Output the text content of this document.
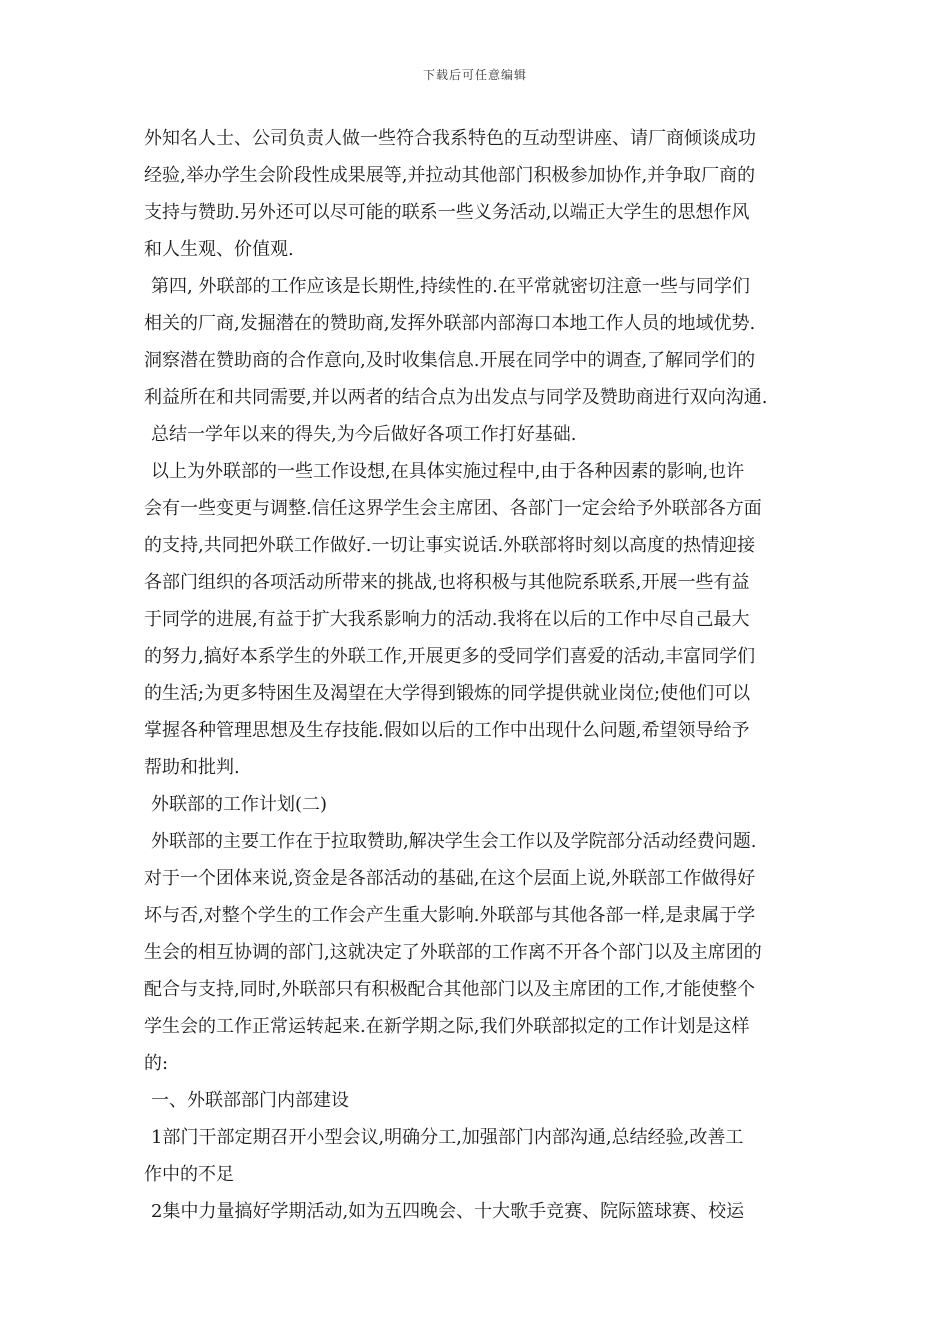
下载后可任意编辑
外知名人士、公司负责人做一些符合我系特色的互动型讲座、请厂商倾谈成功
经验,举办学生会阶段性成果展等,并拉动其他部门积极参加协作,并争取厂商的
支持与赞助.另外还可以尽可能的联系一些义务活动,以端正大学生的思想作风
和人生观、价值观.
第四, 外联部的工作应该是长期性,持续性的.在平常就密切注意一些与同学们
相关的厂商,发掘潜在的赞助商,发挥外联部内部海口本地工作人员的地域优势.
洞察潜在赞助商的合作意向,及时收集信息.开展在同学中的调查,了解同学们的
利益所在和共同需要,并以两者的结合点为出发点与同学及赞助商进行双向沟通.
总结一学年以来的得失,为今后做好各项工作打好基础.
以上为外联部的一些工作设想,在具体实施过程中,由于各种因素的影响,也许
会有一些变更与调整.信任这界学生会主席团、各部门一定会给予外联部各方面
的支持,共同把外联工作做好.一切让事实说话.外联部将时刻以高度的热情迎接
各部门组织的各项活动所带来的挑战,也将积极与其他院系联系,开展一些有益
于同学的进展,有益于扩大我系影响力的活动.我将在以后的工作中尽自己最大
的努力,搞好本系学生的外联工作,开展更多的受同学们喜爱的活动,丰富同学们
的生活;为更多特困生及渴望在大学得到锻炼的同学提供就业岗位;使他们可以
掌握各种管理思想及生存技能.假如以后的工作中出现什么问题,希望领导给予
帮助和批判.
外联部的工作计划(二)
外联部的主要工作在于拉取赞助,解决学生会工作以及学院部分活动经费问题.
对于一个团体来说,资金是各部活动的基础,在这个层面上说,外联部工作做得好
坏与否,对整个学生的工作会产生重大影响.外联部与其他各部一样,是隶属于学
生会的相互协调的部门,这就决定了外联部的工作离不开各个部门以及主席团的
配合与支持,同时,外联部只有积极配合其他部门以及主席团的工作,才能使整个
学生会的工作正常运转起来.在新学期之际,我们外联部拟定的工作计划是这样
的:
一、外联部部门内部建设
1部门干部定期召开小型会议,明确分工,加强部门内部沟通,总结经验,改善工
作中的不足
2集中力量搞好学期活动,如为五四晚会、十大歌手竞赛、院际篮球赛、校运
